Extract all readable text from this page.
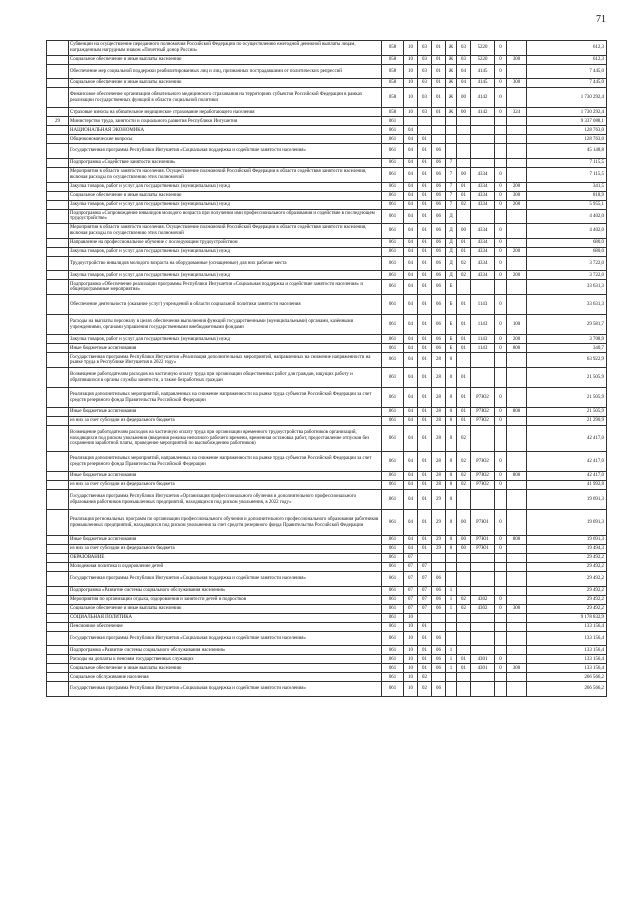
71
	Субвенции на осуществление переданного полномочия Российской Федерации по осуществлению ежегодной денежной выплаты лицам, награжденным нагрудным знаком «Почетный донор России»	058	10	03	01	Ж	03	5220	0		612,3
	Социальное обеспечение и иные выплаты населению	058	10	03	01	Ж	03	5220	0	300	612,3
	Обеспечение мер социальной поддержки реабилитированных лиц и лиц, признанных пострадавшими от политических репрессий	058	10	03	01	Ж	04	4145	0		7 445,0
	Социальное обеспечение и иные выплаты населению	058	10	03	01	Ж	04	4145	0	300	7 445,0
	Финансовое обеспечение организации обязательного медицинского страхования на территориях субъектов Российской Федерации в рамках реализации государственных функций в области социальной политики	058	10	03	01	Ж	00	4142	0		1 730 292,4
	Страховые взносы на обязательное медицинское страхование неработающего населения	058	10	03	01	Ж	00	4142	0	324	1 730 292,4
29	Министерство труда, занятости и социального развития Республики Ингушетия	061									9 337 088,1
	НАЦИОНАЛЬНАЯ ЭКОНОМИКА	061	04								128 763,0
	Общеэкономические вопросы	061	04	01							128 763,0
	Государственная программа Республики Ингушетия «Социальная поддержка и содействие занятости населения»	061	04	01	06						45 148,8
	Подпрограмма «Содействие занятости населения»	061	04	01	06	7					7 115,5
	Мероприятия в области занятости населения. Осуществление полномочий Российской Федерации в области содействия занятости населения, включая расходы по осуществлению этих полномочий	061	04	01	06	7	00	4334	0		7 115,5
	Закупка товаров, работ и услуг для государственных (муниципальных) нужд	061	04	01	06	7	01	4334	0	200	341,5
	Социальное обеспечение и иные выплаты населению	061	04	01	06	7	01	4334	0	300	818,9
	Закупка товаров, работ и услуг для государственных (муниципальных) нужд	061	04	01	06	7	02	4334	0	200	5 955,1
	Подпрограмма «Сопровождение инвалидов молодого возраста при получении ими профессионального образования и содействие в последующем трудоустройстве»	061	04	01	06	Д					4 402,0
	Мероприятия в области занятости населения. Осуществление полномочий Российской Федерации в области содействия занятости населения, включая расходы по осуществлению этих полномочий	061	04	01	06	Д	00	4334	0		4 402,0
	Направление на профессиональное обучение с последующим трудоустройством	061	04	01	06	Д	01	4334	0		680,0
	Закупка товаров, работ и услуг для государственных (муниципальных) нужд	061	04	01	06	Д	01	4334	0	200	680,0
	Трудоустройство инвалидов молодого возраста на оборудованные (оснащенные) для них рабочие места	061	04	01	06	Д	02	4334	0		3 722,0
	Закупка товаров, работ и услуг для государственных (муниципальных) нужд	061	04	01	06	Д	02	4334	0	200	3 722,0
	Подпрограмма «Обеспечение реализации программы Республики Ингушетия «Социальная поддержка и содействие занятости населения» и общепрограммные мероприятия»	061	04	01	06	Б					33 631,3
	Обеспечение деятельности (оказание услуг) учреждений в области социальной политики занятости населения	061	04	01	06	Б	01	1143	0		33 631,3
	Расходы на выплаты персоналу в целях обеспечения выполнения функций государственными (муниципальными) органами, казёнными учреждениями, органами управления государственными внебюджетными фондами	061	04	01	06	Б	01	1143	0	100	29 581,7
	Закупка товаров, работ и услуг для государственных (муниципальных) нужд	061	04	01	06	Б	01	1143	0	200	3 708,9
	Иные бюджетные ассигнования	061	04	01	06	Б	01	1143	0	800	340,7
	Государственная программа Республики Ингушетия «Реализация дополнительных мероприятий, направленных на снижение напряженности на рынке труда в Республике Ингушетия в 2022 году»	061	04	01	28	0					63 922,9
	Возмещение работодателям расходов на частичную оплату труда при организации общественных работ для граждан, ищущих работу и обратившихся в органы службы занятости, а также безработных граждан	061	04	01	28	0	01				21 505,9
	Реализация дополнительных мероприятий, направленных на снижение напряженности на рынке труда субъектов Российской Федерации за счет средств резервного фонда Правительства Российской Федерации	061	04	01	28	0	01	Р7Ю2	0		21 505,9
	Иные бюджетные ассигнования	061	04	01	28	0	01	Р7Ю2	0	800	21 505,9
	из них за счет субсидии из федерального бюджета	061	04	01	28	0	01	Р7Ю2	0		21 290,9
	Возмещение работодателям расходов на частичную оплату труда при организации временного трудоустройства работников организаций, находящихся под риском увольнения (введения режима неполного рабочего времени, временная остановка работ, предоставление отпусков без сохранения заработной платы, проведение мероприятий по высвобождению работников)	061	04	01	28	0	02				42 417,0
	Реализация дополнительных мероприятий, направленных на снижение напряженности на рынке труда субъектов Российской Федерации за счет средств резервного фонда Правительства Российской Федерации	061	04	01	28	0	02	Р7Ю2	0		42 417,0
	Иные бюджетные ассигнования	061	04	01	28	0	02	Р7Ю2	0	800	42 417,0
	из них за счет субсидии из федерального бюджета	061	04	01	28	0	02	Р7Ю2	0		41 992,8
	Государственная программа Республики Ингушетия «Организация профессионального обучения и дополнительного профессионального образования работников промышленных предприятий, находящихся под риском увольнения, в 2022 году»	061	04	01	29	0					19 691,3
	Реализация региональных программ по организации профессионального обучения и дополнительного профессионального образования работников промышленных предприятий, находящихся под риском увольнения за счет средств резервного фонда Правительства Российской Федерации	061	04	01	29	0	00	Р7Ю1	0		19 691,3
	Иные бюджетные ассигнования	061	04	01	29	0	00	Р7Ю1	0	800	19 691,3
	из них за счет субсидии из федерального бюджета	061	04	01	29	0	00	Р7Ю1	0		19 494,3
	ОБРАЗОВАНИЕ	061	07								29 492,2
	Молодежная политика и оздоровление детей	061	07	07							29 492,2
	Государственная программа Республики Ингушетия «Социальная поддержка и содействие занятости населения»	061	07	07	06						29 492,2
	Подпрограмма «Развитие системы социального обслуживания населения»	061	07	07	06	1					29 492,2
	Мероприятия по организации отдыха, оздоровления и занятости детей и подростков	061	07	07	06	1	02	4302	0		29 492,2
	Социальное обеспечение и иные выплаты населению	061	07	07	06	1	02	4302	0	300	29 492,2
	СОЦИАЛЬНАЯ ПОЛИТИКА	061	10								9 178 832,9
	Пенсионное обеспечение	061	10	01							133 156,4
	Государственная программа Республики Ингушетия «Социальная поддержка и содействие занятости населения»	061	10	01	06						133 156,4
	Подпрограмма «Развитие системы социального обслуживания населения»	061	10	01	06	1					133 156,4
	Расходы на доплаты к пенсиям государственных служащих	061	10	01	06	1	01	4301	0		133 156,4
	Социальное обеспечение и иные выплаты населению	061	10	01	06	1	01	4301	0	300	133 156,4
	Социальное обслуживание населения	061	10	02							266 566,2
	Государственная программа Республики Ингушетия «Социальная поддержка и содействие занятости населения»	061	10	02	06						266 566,2
